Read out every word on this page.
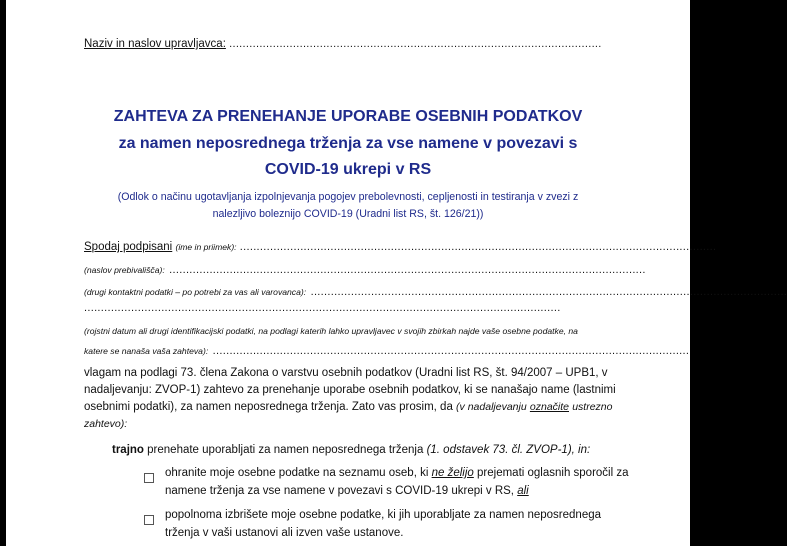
Naziv in naslov upravljavca: ...............................................................................................................
ZAHTEVA ZA PRENEHANJE UPORABE OSEBNIH PODATKOV
za namen neposrednega trženja za vse namene v povezavi s
COVID-19 ukrepi v RS
(Odlok o načinu ugotavljanja izpolnjevanja pogojev prebolevnosti, cepljenosti in testiranja v zvezi z
nalezljivo boleznijo COVID-19 (Uradni list RS, št. 126/21))
Spodaj podpisani (ime in priimek): ..............................................................................................................................................
(naslov prebivališča): ..............................................................................................................................................
(drugi kontaktni podatki – po potrebi za vas ali varovanca): ..............................................................................................................................................
..............................................................................................................................................
(rojstni datum ali drugi identifikacijski podatki, na podlagi katerih lahko upravljavec v svojih zbirkah najde vaše osebne podatke, na
katere se nanaša vaša zahteva): ..............................................................................................................................................
vlagam na podlagi 73. člena Zakona o varstvu osebnih podatkov (Uradni list RS, št. 94/2007 – UPB1, v
nadaljevanju: ZVOP-1) zahtevo za prenehanje uporabe osebnih podatkov, ki se nanašajo name (lastnimi
osebnimi podatki), za namen neposrednega trženja. Zato vas prosim, da (v nadaljevanju označite ustrezno
zahtevo):
trajno prenehate uporabljati za namen neposrednega trženja (1. odstavek 73. čl. ZVOP-1), in:
ohranite moje osebne podatke na seznamu oseb, ki ne želijo prejemati oglasnih sporočil za
namene trženja za vse namene v povezavi s COVID-19 ukrepi v RS, ali
popolnoma izbrišete moje osebne podatke, ki jih uporabljate za namen neposrednega
trženja v vaši ustanovi ali izven vaše ustanove.
